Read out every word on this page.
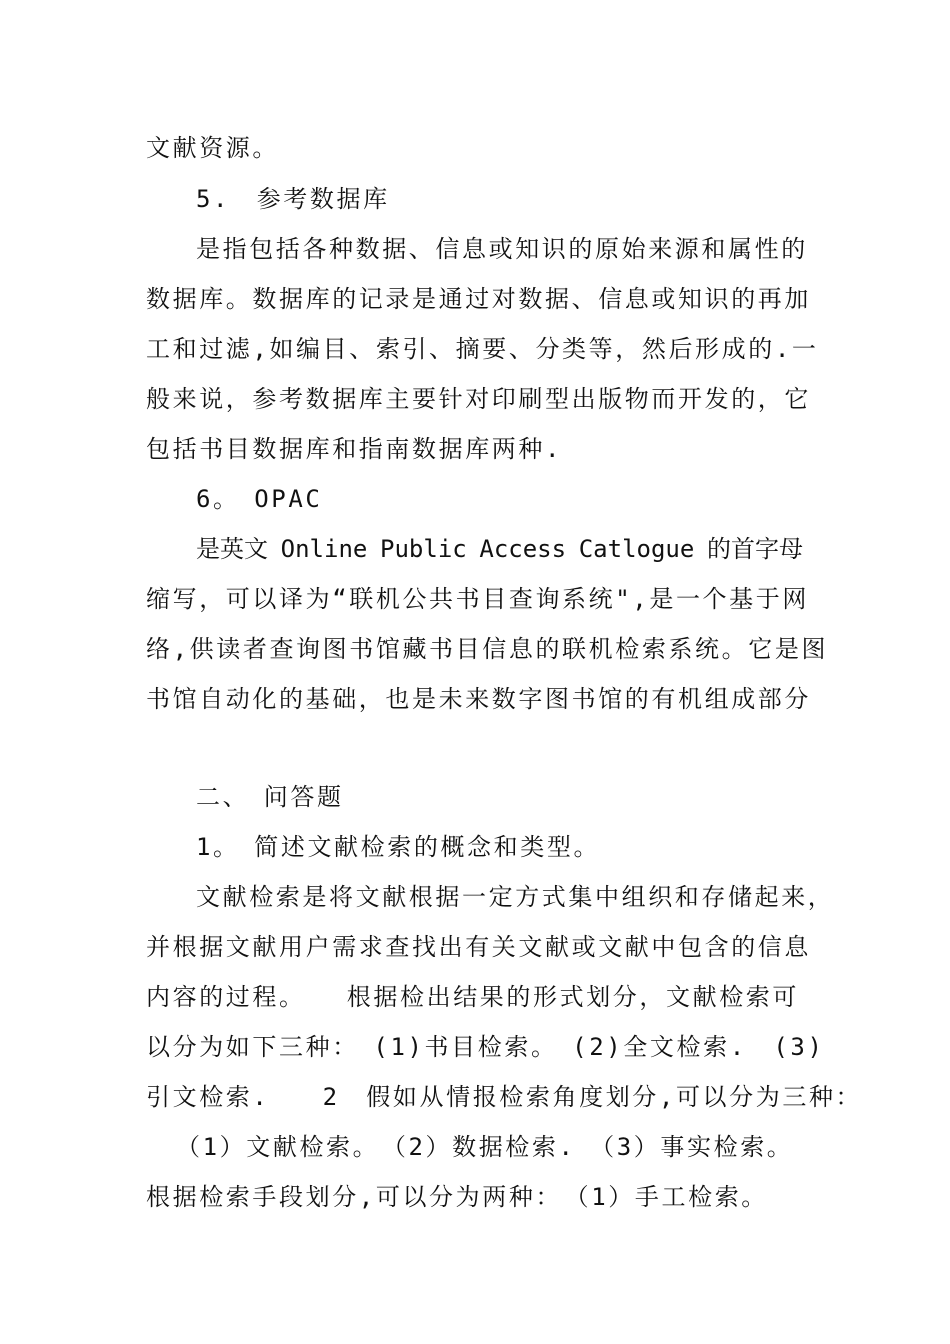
文献资源。
5.　参考数据库
是指包括各种数据、信息或知识的原始来源和属性的
数据库。数据库的记录是通过对数据、信息或知识的再加
工和过滤,如编目、索引、摘要、分类等，然后形成的.一
般来说，参考数据库主要针对印刷型出版物而开发的，它
包括书目数据库和指南数据库两种.
6。　OPAC
是英文 Online Public Access Catlogue 的首字母
缩写，可以译为“联机公共书目查询系统",是一个基于网
络,供读者查询图书馆藏书目信息的联机检索系统。它是图
书馆自动化的基础，也是未来数字图书馆的有机组成部分
二、　问答题
1。　简述文献检索的概念和类型。
文献检索是将文献根据一定方式集中组织和存储起来，
并根据文献用户需求查找出有关文献或文献中包含的信息
内容的过程。　　根据检出结果的形式划分，文献检索可
以分为如下三种：　(1)书目检索。　(2)全文检索.　(3)
引文检索.　　2　假如从情报检索角度划分,可以分为三种：
（1）文献检索。　（2）数据检索.　（3）事实检索。
根据检索手段划分,可以分为两种：　（1）手工检索。
